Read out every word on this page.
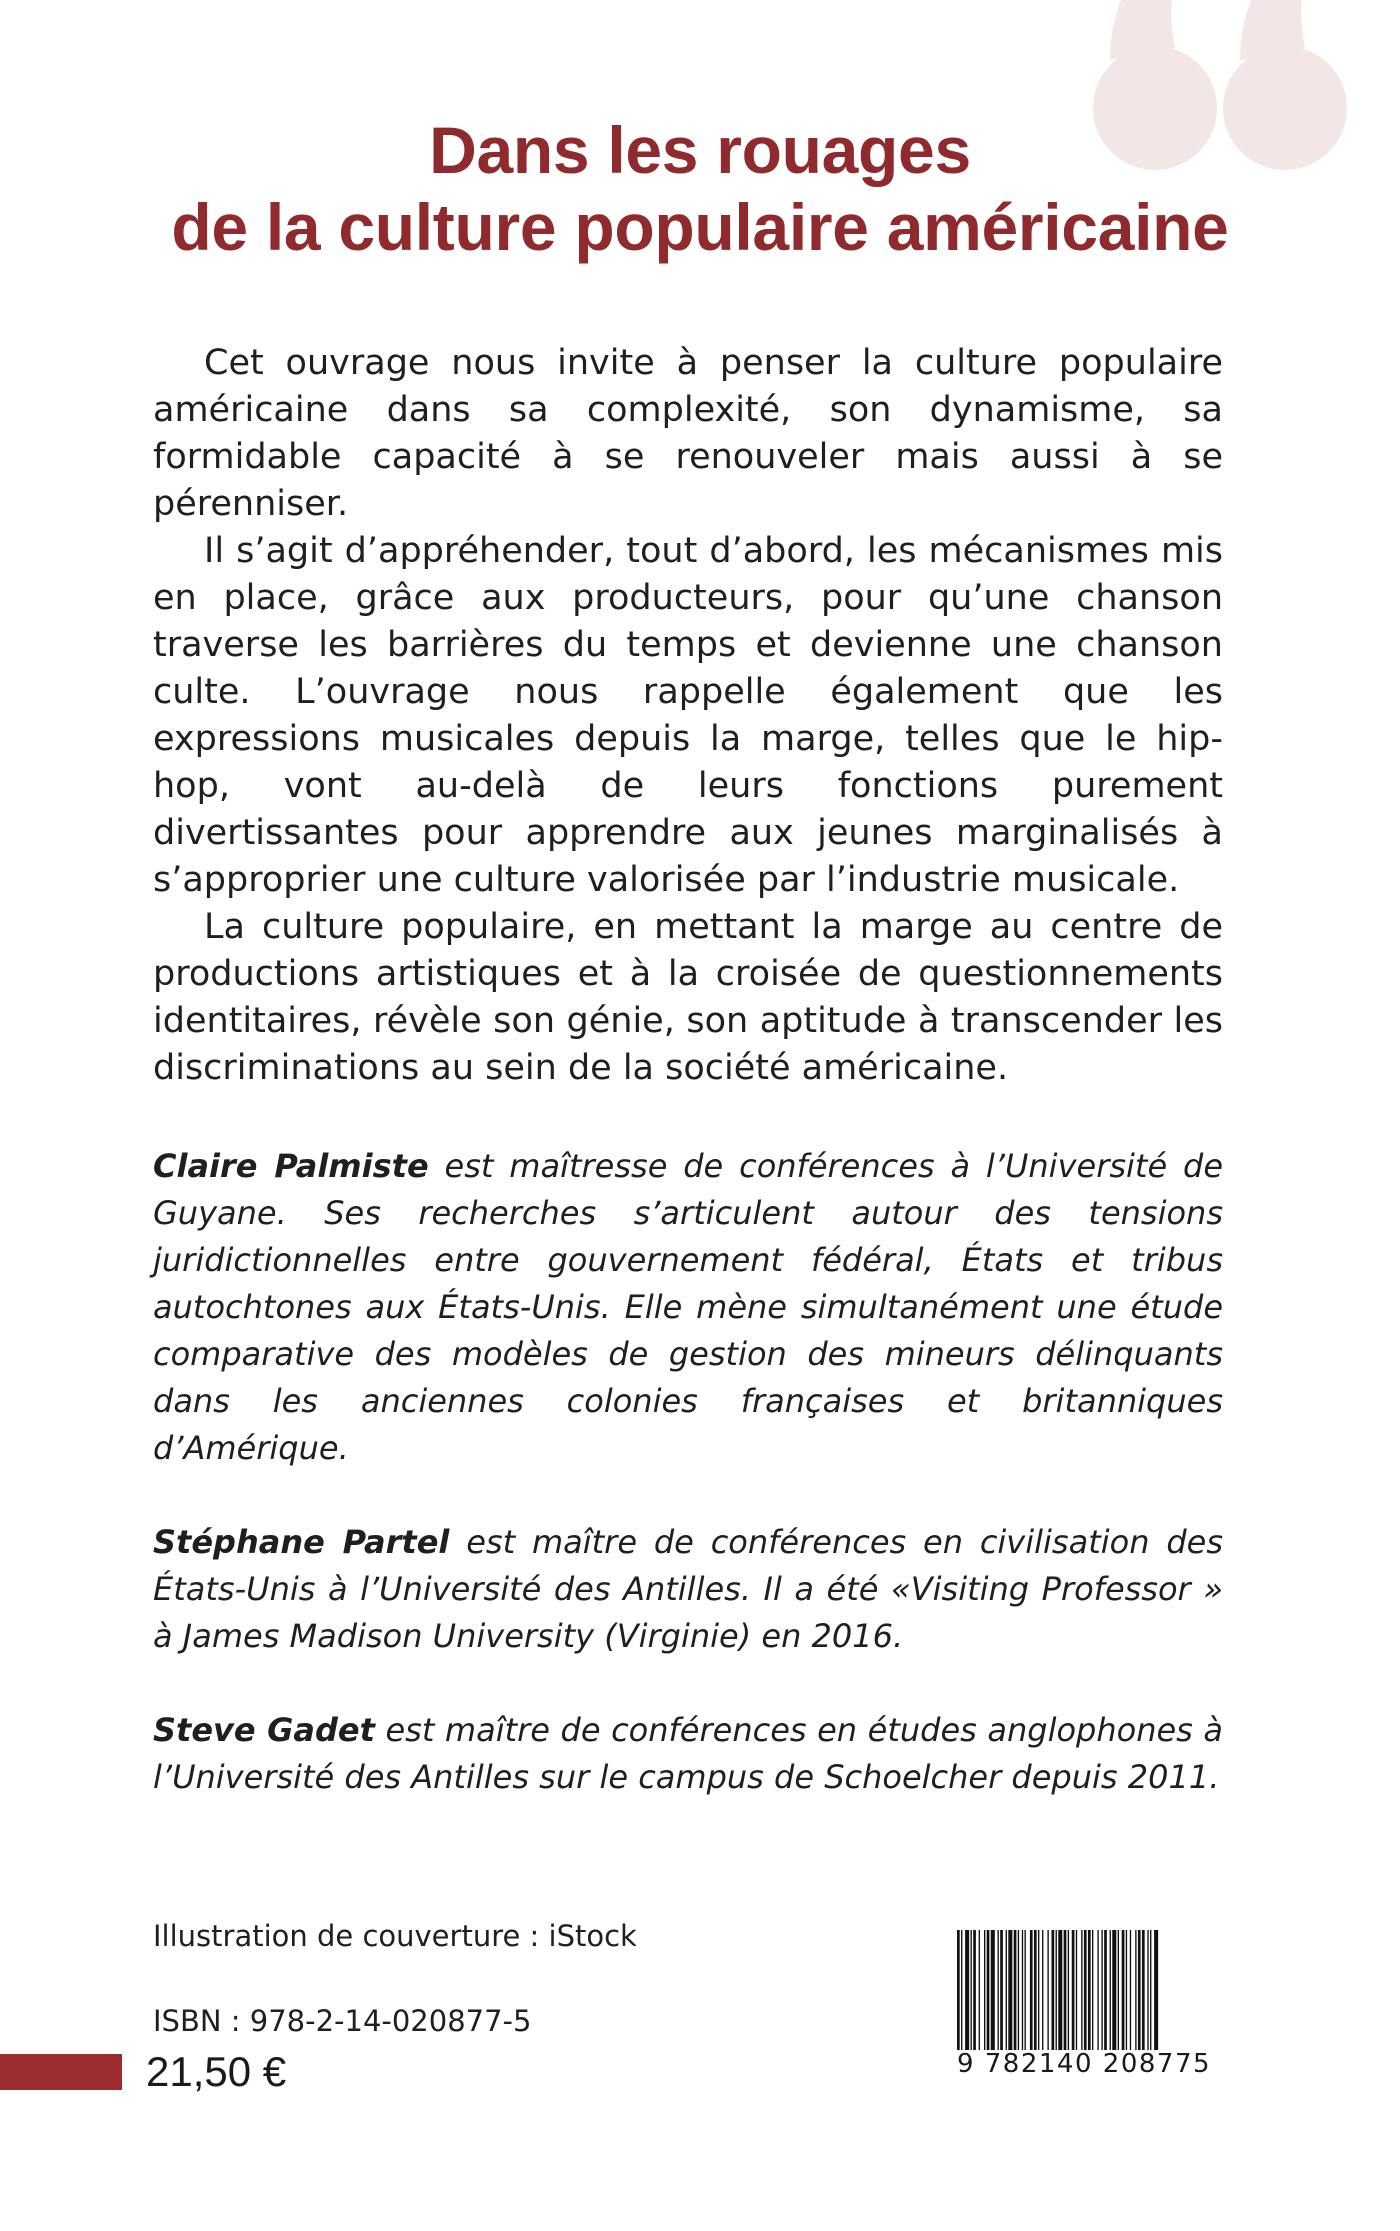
Dans les rouages
de la culture populaire américaine

Cet ouvrage nous invite à penser la culture populaire américaine dans sa complexité, son dynamisme, sa formidable capacité à se renouveler mais aussi à se pérenniser.

Il s’agit d’appréhender, tout d’abord, les mécanismes mis en place, grâce aux producteurs, pour qu’une chanson traverse les barrières du temps et devienne une chanson culte. L’ouvrage nous rappelle également que les expressions musicales depuis la marge, telles que le hip-hop, vont au-delà de leurs fonctions purement divertissantes pour apprendre aux jeunes marginalisés à s’approprier une culture valorisée par l’industrie musicale.

La culture populaire, en mettant la marge au centre de productions artistiques et à la croisée de questionnements identitaires, révèle son génie, son aptitude à transcender les discriminations au sein de la société américaine.

Claire Palmiste est maîtresse de conférences à l’Université de Guyane. Ses recherches s’articulent autour des tensions juridictionnelles entre gouvernement fédéral, États et tribus autochtones aux États-Unis. Elle mène simultanément une étude comparative des modèles de gestion des mineurs délinquants dans les anciennes colonies françaises et britanniques d’Amérique.

Stéphane Partel est maître de conférences en civilisation des États-Unis à l’Université des Antilles. Il a été «Visiting Professor » à James Madison University (Virginie) en 2016.

Steve Gadet est maître de conférences en études anglophones à l’Université des Antilles sur le campus de Schoelcher depuis 2011.

Illustration de couverture : iStock
ISBN : 978-2-14-020877-5
21,50 €	9 782140 208775
